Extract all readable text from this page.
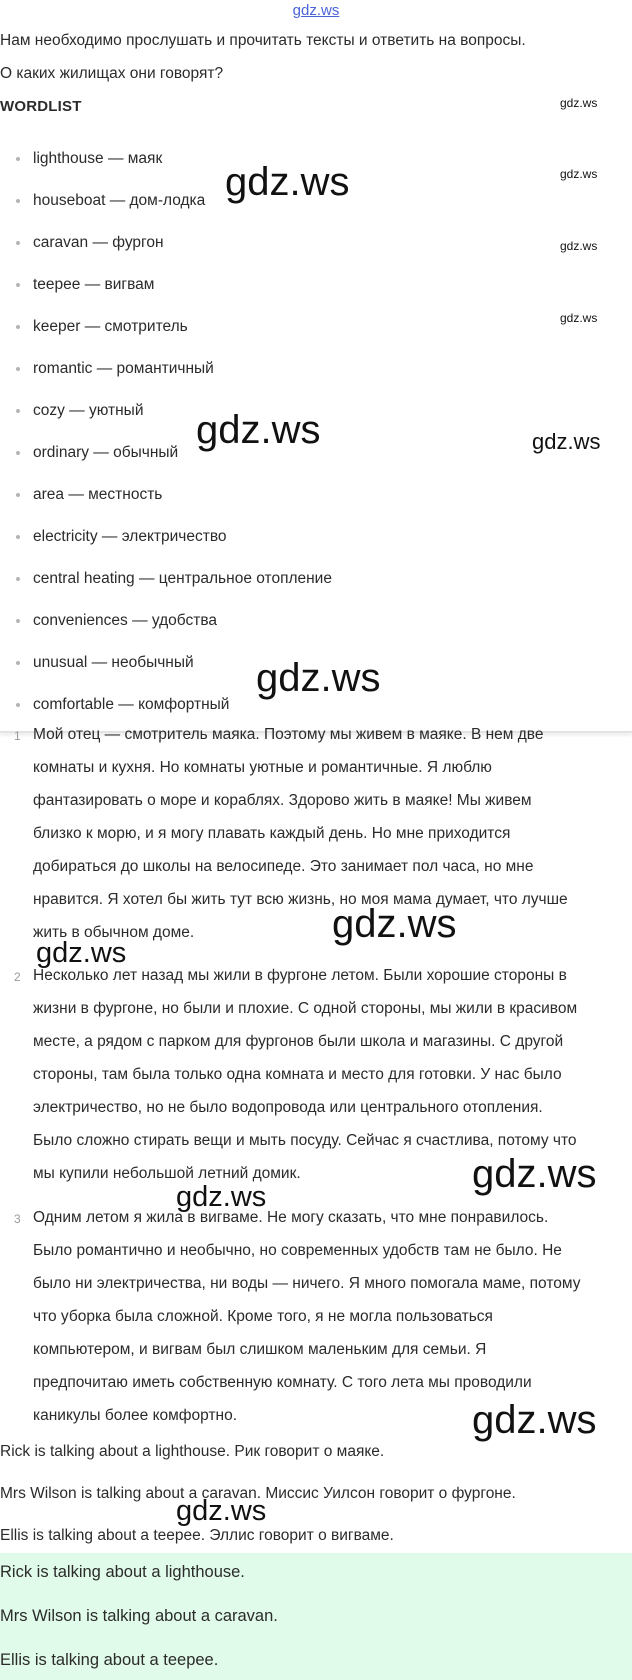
gdz.ws
Нам необходимо прослушать и прочитать тексты и ответить на вопросы.
О каких жилищах они говорят?
WORDLIST
lighthouse — маяк
houseboat — дом-лодка
caravan — фургон
teepee — вигвам
keeper — смотритель
romantic — романтичный
cozy — уютный
ordinary — обычный
area — местность
electricity — электричество
central heating — центральное отопление
conveniences — удобства
unusual — необычный
comfortable — комфортный
1 Мой отец — смотритель маяка. Поэтому мы живем в маяке. В нем две
комнаты и кухня. Но комнаты уютные и романтичные. Я люблю
фантазировать о море и кораблях. Здорово жить в маяке! Мы живем
близко к морю, и я могу плавать каждый день. Но мне приходится
добираться до школы на велосипеде. Это занимает пол часа, но мне
нравится. Я хотел бы жить тут всю жизнь, но моя мама думает, что лучше
жить в обычном доме.
2 Несколько лет назад мы жили в фургоне летом. Были хорошие стороны в
жизни в фургоне, но были и плохие. С одной стороны, мы жили в красивом
месте, а рядом с парком для фургонов были школа и магазины. С другой
стороны, там была только одна комната и место для готовки. У нас было
электричество, но не было водопровода или центрального отопления.
Было сложно стирать вещи и мыть посуду. Сейчас я счастлива, потому что
мы купили небольшой летний домик.
3 Одним летом я жила в вигваме. Не могу сказать, что мне понравилось.
Было романтично и необычно, но современных удобств там не было. Не
было ни электричества, ни воды — ничего. Я много помогала маме, потому
что уборка была сложной. Кроме того, я не могла пользоваться
компьютером, и вигвам был слишком маленьким для семьи. Я
предпочитаю иметь собственную комнату. С того лета мы проводили
каникулы более комфортно.
Rick is talking about a lighthouse. Рик говорит о маяке.
Mrs Wilson is talking about a caravan. Миссис Уилсон говорит о фургоне.
Ellis is talking about a teepee. Эллис говорит о вигваме.
Rick is talking about a lighthouse.
Mrs Wilson is talking about a caravan.
Ellis is talking about a teepee.
gdz.ws
gdz.ws
gdz.ws
gdz.ws
gdz.ws
gdz.ws	gdz.ws
gdz.ws
gdz.ws
gdz.ws
gdz.ws
gdz.ws
gdz.ws
gdz.ws
